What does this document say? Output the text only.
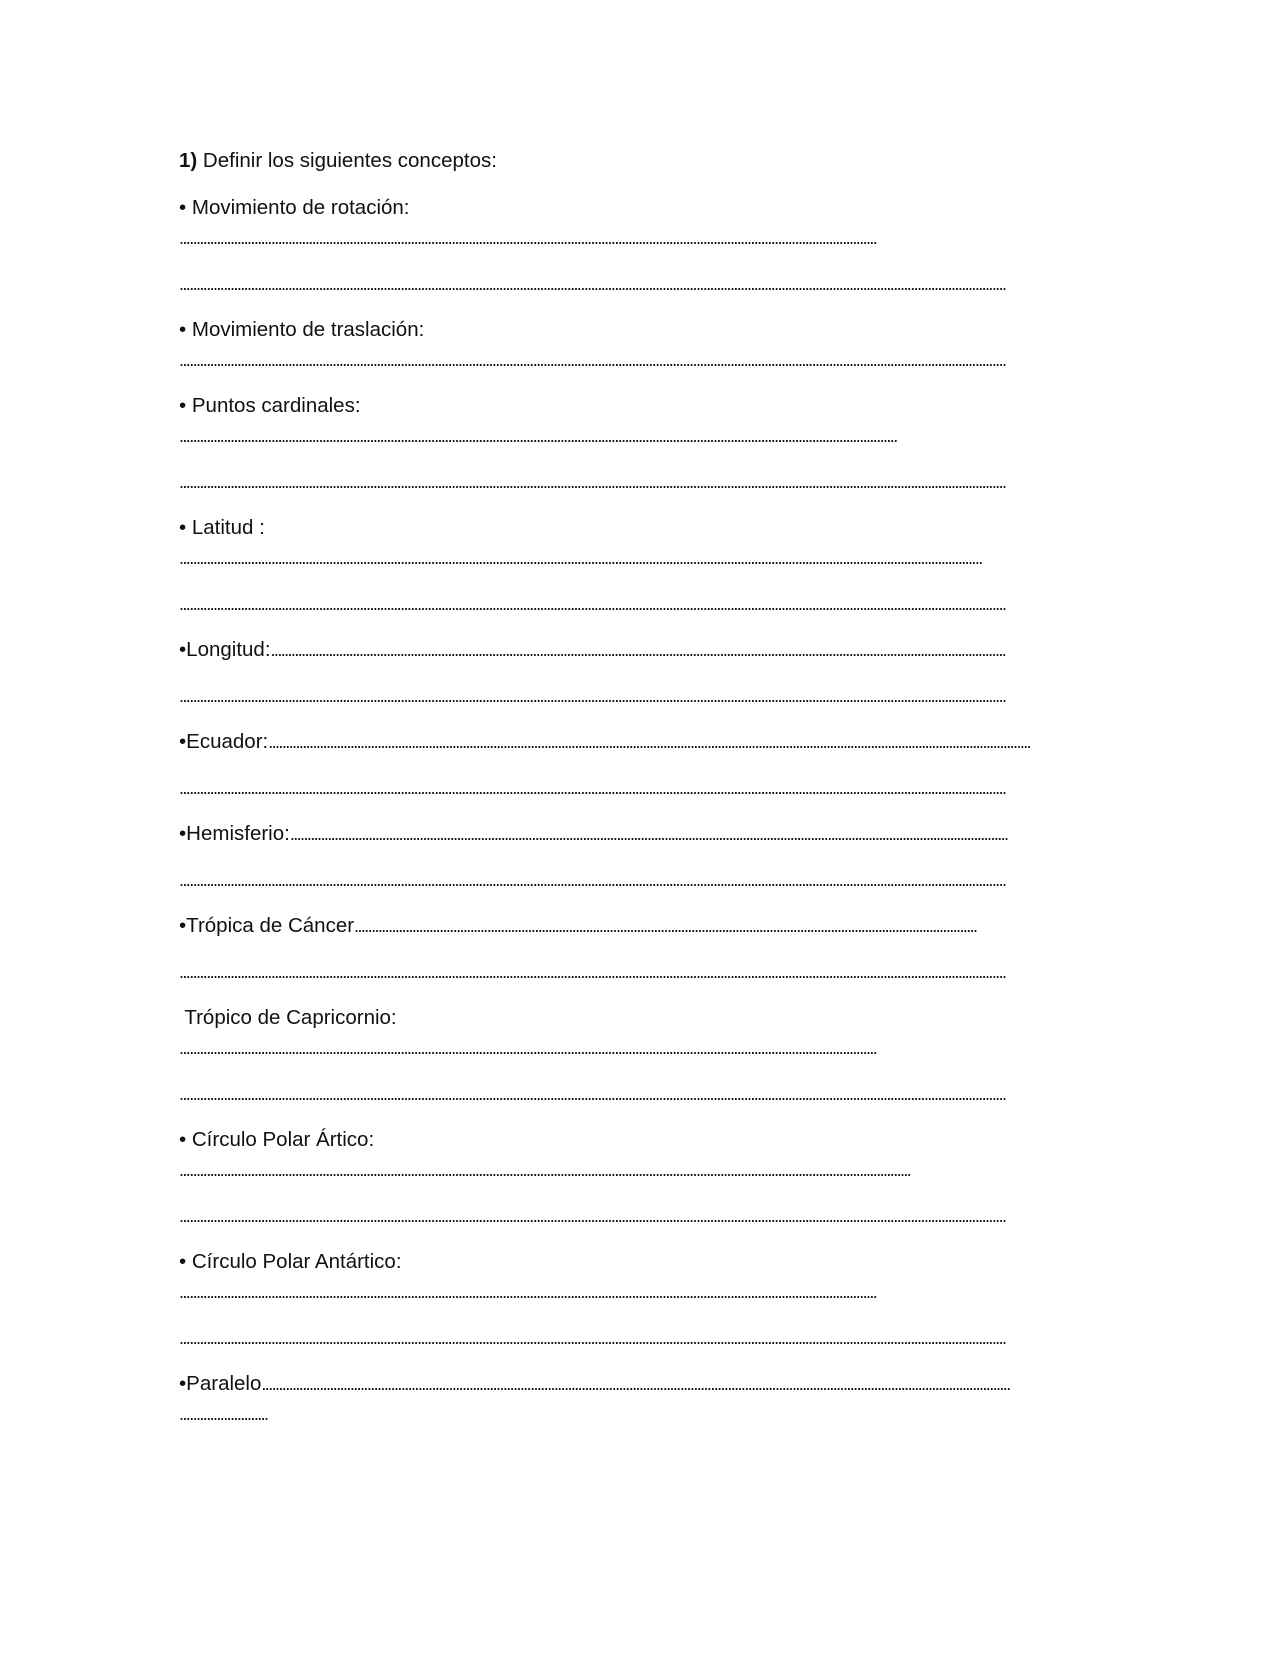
1) Definir los siguientes conceptos:
• Movimiento de rotación:
.............................................................................................................................................................................................................
...................................................................................................................................................................................................................................................
• Movimiento de traslación:
...................................................................................................................................................................................................................................................
• Puntos cardinales:
...................................................................................................................................................................................................................
...................................................................................................................................................................................................................................................
• Latitud :
............................................................................................................................................................................................................................................
...................................................................................................................................................................................................................................................
•Longitud:........................................................................................................................................................................................................................
...................................................................................................................................................................................................................................................
•Ecuador:................................................................................................................................................................................................................................
...................................................................................................................................................................................................................................................
•Hemisferio:...................................................................................................................................................................................................................
...................................................................................................................................................................................................................................................
•Trópica de Cáncer.......................................................................................................................................................................................
...................................................................................................................................................................................................................................................
Trópico de Capricornio:
.............................................................................................................................................................................................................
...................................................................................................................................................................................................................................................
• Círculo Polar Ártico:
.......................................................................................................................................................................................................................
...................................................................................................................................................................................................................................................
• Círculo Polar Antártico:
.............................................................................................................................................................................................................
...................................................................................................................................................................................................................................................
•Paralelo............................................................................................................................................................................................................................
..........................
